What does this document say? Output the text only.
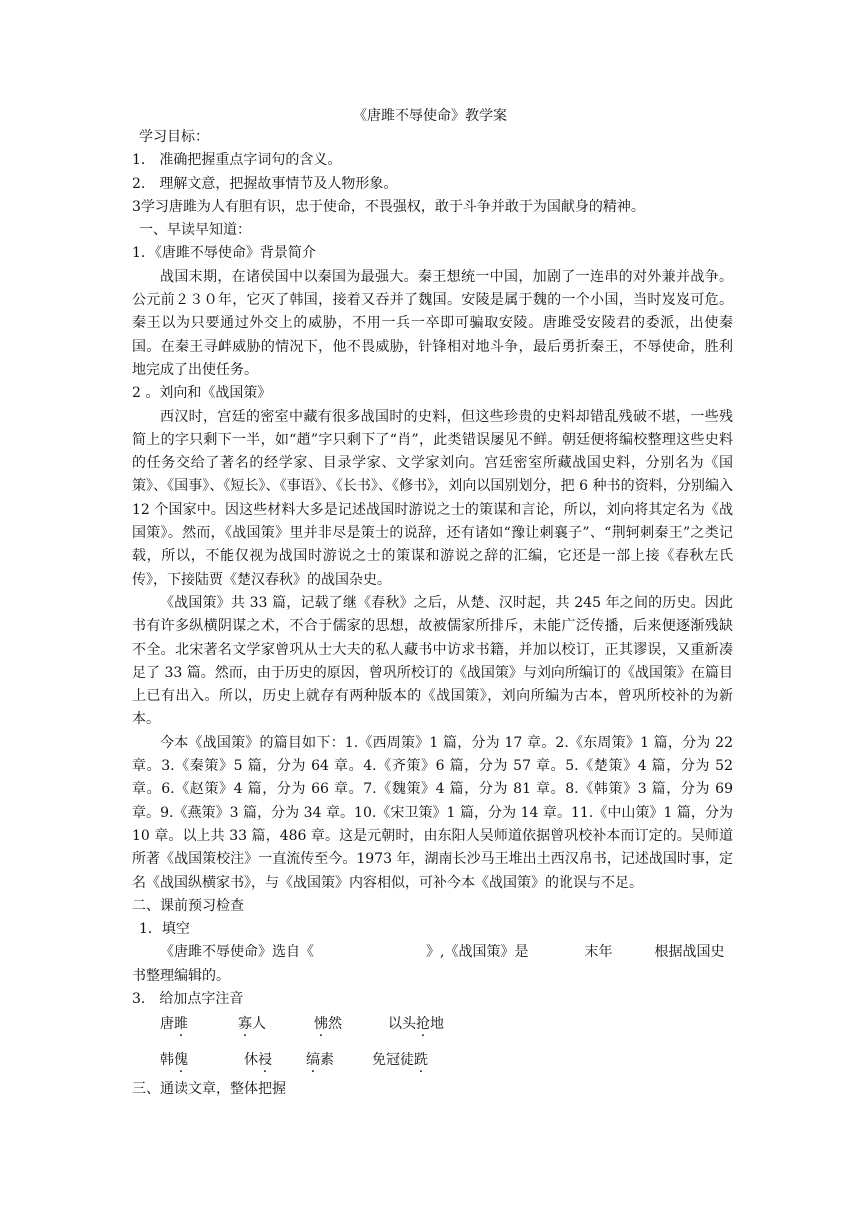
《唐雎不辱使命》教学案

学习目标：

1． 准确把握重点字词句的含义。

2． 理解文意，把握故事情节及人物形象。

3学习唐雎为人有胆有识，忠于使命，不畏强权，敢于斗争并敢于为国献身的精神。

一、早读早知道：

1．《唐雎不辱使命》背景简介

战国末期，在诸侯国中以秦国为最强大。秦王想统一中国，加剧了一连串的对外兼并战争。公元前２３０年，它灭了韩国，接着又吞并了魏国。安陵是属于魏的一个小国，当时岌岌可危。秦王以为只要通过外交上的威胁，不用一兵一卒即可骗取安陵。唐雎受安陵君的委派，出使秦国。在秦王寻衅威胁的情况下，他不畏威胁，针锋相对地斗争，最后勇折秦王，不辱使命，胜利地完成了出使任务。

2 。刘向和《战国策》

西汉时，宫廷的密室中藏有很多战国时的史料，但这些珍贵的史料却错乱残破不堪，一些残简上的字只剩下一半，如“趙”字只剩下了“肖”，此类错误屡见不鲜。朝廷便将编校整理这些史料的任务交给了著名的经学家、目录学家、文学家刘向。宫廷密室所藏战国史料，分别名为《国策》、《国事》、《短长》、《事语》、《长书》、《修书》，刘向以国别划分，把 6 种书的资料，分别编入 12 个国家中。因这些材料大多是记述战国时游说之士的策谋和言论，所以，刘向将其定名为《战国策》。然而，《战国策》里并非尽是策士的说辞，还有诸如“豫让刺襄子”、“荆轲刺秦王”之类记载，所以，不能仅视为战国时游说之士的策谋和游说之辞的汇编，它还是一部上接《春秋左氏传》，下接陆贾《楚汉春秋》的战国杂史。

《战国策》共 33 篇，记载了继《春秋》之后，从楚、汉时起，共 245 年之间的历史。因此书有许多纵横阴谋之术，不合于儒家的思想，故被儒家所排斥，未能广泛传播，后来便逐渐残缺不全。北宋著名文学家曾巩从士大夫的私人藏书中访求书籍，并加以校订，正其谬误，又重新凑足了 33 篇。然而，由于历史的原因，曾巩所校订的《战国策》与刘向所编订的《战国策》在篇目上已有出入。所以，历史上就存有两种版本的《战国策》，刘向所编为古本，曾巩所校补的为新本。

今本《战国策》的篇目如下：1.《西周策》1 篇，分为 17 章。2.《东周策》1 篇，分为 22 章。3.《秦策》5 篇，分为 64 章。4.《齐策》6 篇，分为 57 章。5.《楚策》4 篇，分为 52 章。6.《赵策》4 篇，分为 66 章。7.《魏策》4 篇，分为 81 章。8.《韩策》3 篇，分为 69 章。9.《燕策》3 篇，分为 34 章。10.《宋卫策》1 篇，分为 14 章。11.《中山策》1 篇，分为 10 章。以上共 33 篇，486 章。这是元朝时，由东阳人吴师道依据曾巩校补本而订定的。吴师道所著《战国策校注》一直流传至今。1973 年，湖南长沙马王堆出土西汉帛书，记述战国时事，定名《战国纵横家书》，与《战国策》内容相似，可补今本《战国策》的讹误与不足。

二、课前预习检查

1．填空

《唐雎不辱使命》选自《	》,《战国策》是	末年	根据战国史

书整理编辑的。

3． 给加点字注音

唐雎	寡人	怫然	以头抢地

韩傀	休祲 缟素	免冠徒跣

三、通读文章，整体把握
